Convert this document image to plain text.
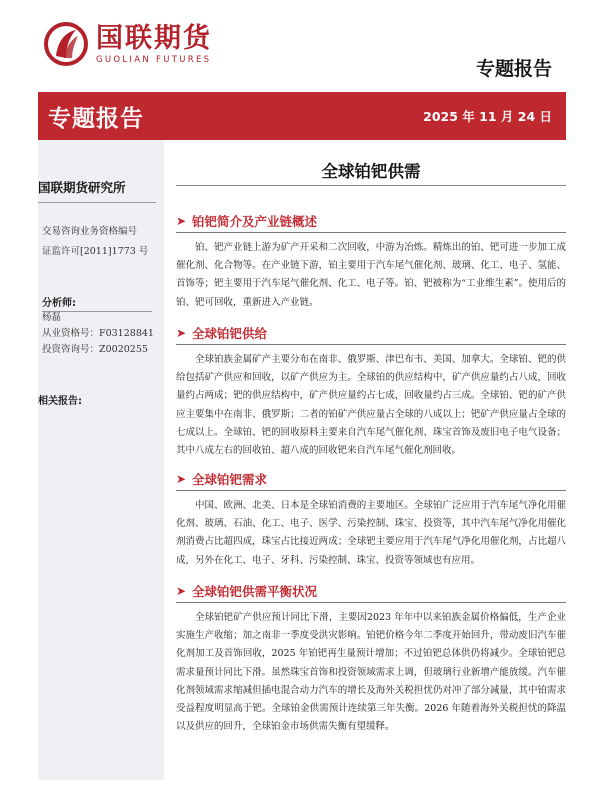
国联期货
GUOLIAN FUTURES	专题报告
专题报告	2025 年 11 月 24 日
国联期货研究所
交易咨询业务资格编号
证监许可[2011]1773 号
分析师:
杨磊
从业资格号：F03128841
投资咨询号：Z0020255
相关报告:
全球铂钯供需
➤ 铂钯简介及产业链概述
铂、钯产业链上游为矿产开采和二次回收，中游为冶炼。精炼出的铂、钯可进一步加工成催化剂、化合物等。在产业链下游，铂主要用于汽车尾气催化剂、玻璃、化工、电子、氢能、首饰等；钯主要用于汽车尾气催化剂、化工、电子等。铂、钯被称为“工业维生素”。使用后的铂、钯可回收，重新进入产业链。
➤ 全球铂钯供给
全球铂族金属矿产主要分布在南非、俄罗斯、津巴布韦、美国、加拿大。全球铂、钯的供给包括矿产供应和回收，以矿产供应为主。全球铂的供应结构中，矿产供应量约占八成，回收量约占两成；钯的供应结构中，矿产供应量约占七成，回收量约占三成。全球铂、钯的矿产供应主要集中在南非、俄罗斯；二者的铂矿产供应量占全球的八成以上；钯矿产供应量占全球的七成以上。全球铂、钯的回收原料主要来自汽车尾气催化剂、珠宝首饰及废旧电子电气设备；其中八成左右的回收铂、超八成的回收钯来自汽车尾气催化剂回收。
➤ 全球铂钯需求
中国、欧洲、北美、日本是全球铂消费的主要地区。全球铂广泛应用于汽车尾气净化用催化剂、玻璃、石油、化工、电子、医学、污染控制、珠宝、投资等，其中汽车尾气净化用催化剂消费占比超四成，珠宝占比接近两成；全球钯主要应用于汽车尾气净化用催化剂，占比超八成，另外在化工、电子、牙科、污染控制、珠宝、投资等领域也有应用。
➤ 全球铂钯供需平衡状况
全球铂钯矿产供应预计同比下滑，主要因2023 年年中以来铂族金属价格偏低，生产企业实施生产收缩；加之南非一季度受洪灾影响。铂钯价格今年二季度开始回升，带动废旧汽车催化剂加工及首饰回收，2025 年铂钯再生量预计增加；不过铂钯总体供仍将减少。全球铂钯总需求量预计同比下滑。虽然珠宝首饰和投资领域需求上调，但玻璃行业新增产能放缓。汽车催化剂领域需求缩减但插电混合动力汽车的增长及海外关税担忧仍对冲了部分减量，其中铂需求受益程度明显高于钯。全球铂金供需预计连续第三年失衡。2026 年随着海外关税担忧的降温以及供应的回升，全球铂金市场供需失衡有望缓释。
